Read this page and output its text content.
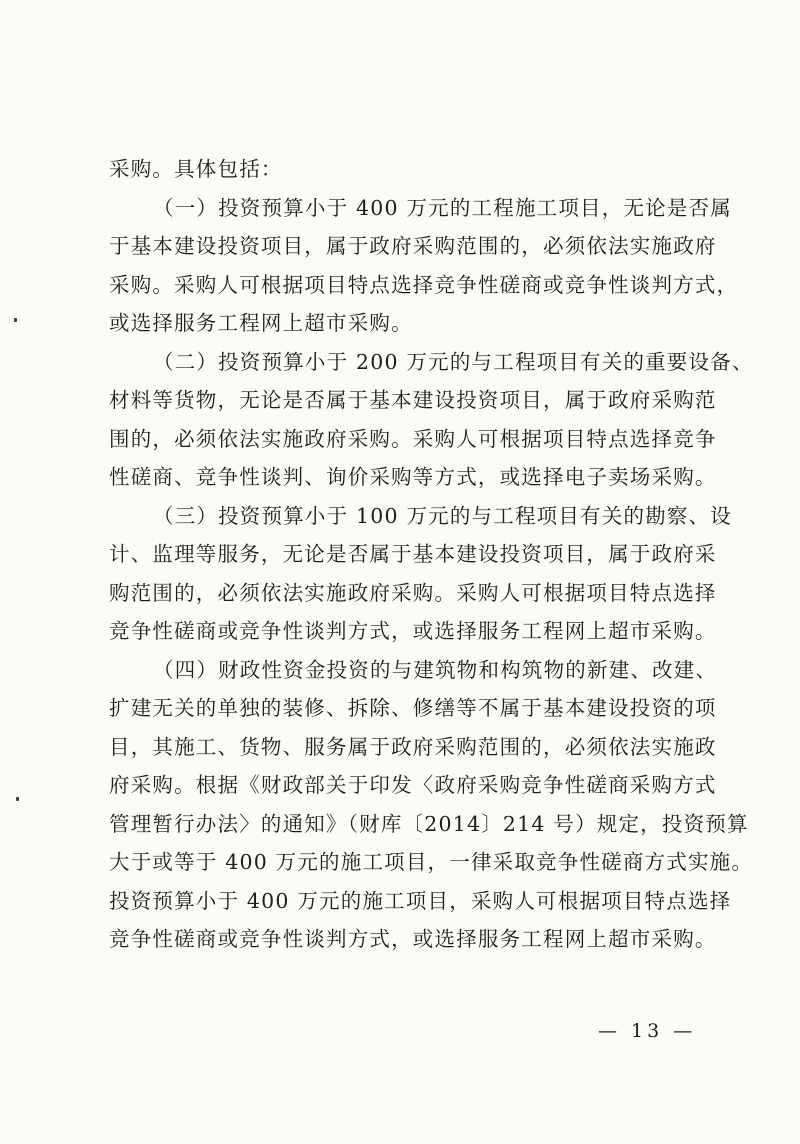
采购。具体包括：
（一）投资预算小于 400 万元的工程施工项目，无论是否属
于基本建设投资项目，属于政府采购范围的，必须依法实施政府
采购。采购人可根据项目特点选择竞争性磋商或竞争性谈判方式，
或选择服务工程网上超市采购。
（二）投资预算小于 200 万元的与工程项目有关的重要设备、
材料等货物，无论是否属于基本建设投资项目，属于政府采购范
围的，必须依法实施政府采购。采购人可根据项目特点选择竞争
性磋商、竞争性谈判、询价采购等方式，或选择电子卖场采购。
（三）投资预算小于 100 万元的与工程项目有关的勘察、设
计、监理等服务，无论是否属于基本建设投资项目，属于政府采
购范围的，必须依法实施政府采购。采购人可根据项目特点选择
竞争性磋商或竞争性谈判方式，或选择服务工程网上超市采购。
（四）财政性资金投资的与建筑物和构筑物的新建、改建、
扩建无关的单独的装修、拆除、修缮等不属于基本建设投资的项
目，其施工、货物、服务属于政府采购范围的，必须依法实施政
府采购。根据《财政部关于印发〈政府采购竞争性磋商采购方式
管理暂行办法〉的通知》（财库〔2014〕214 号）规定，投资预算
大于或等于 400 万元的施工项目，一律采取竞争性磋商方式实施。
投资预算小于 400 万元的施工项目，采购人可根据项目特点选择
竞争性磋商或竞争性谈判方式，或选择服务工程网上超市采购。
— 13 —
